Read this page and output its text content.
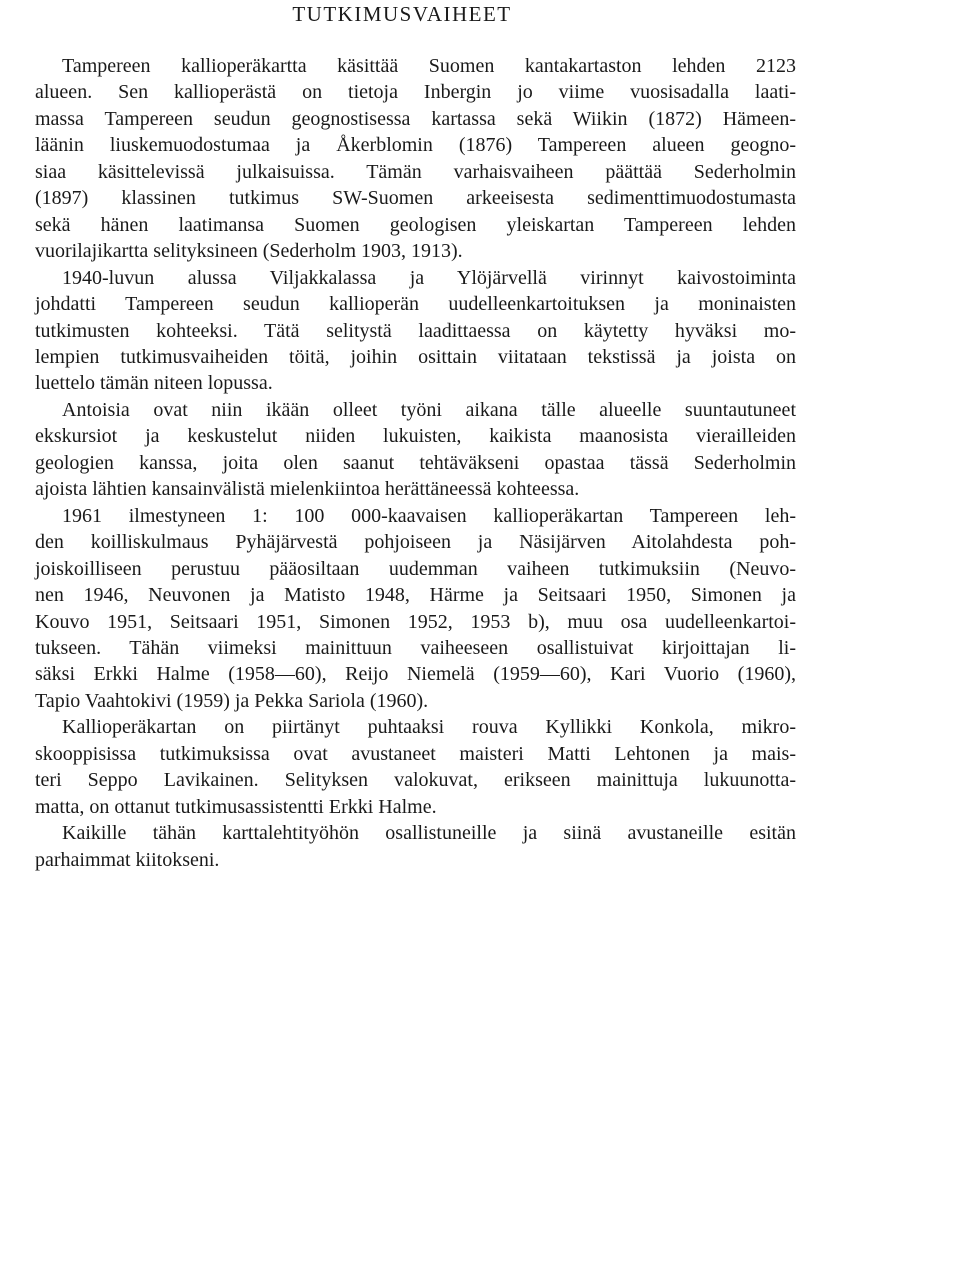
TUTKIMUSVAIHEET

Tampereen kallioperäkartta käsittää Suomen kantakartaston lehden 2123
alueen. Sen kallioperästä on tietoja Inbergin jo viime vuosisadalla laati-
massa Tampereen seudun geognostisessa kartassa sekä Wiikin (1872) Hämeen-
läänin liuskemuodostumaa ja Åkerblomin (1876) Tampereen alueen geogno-
siaa käsittelevissä julkaisuissa. Tämän varhaisvaiheen päättää Sederholmin
(1897) klassinen tutkimus SW-Suomen arkeeisesta sedimenttimuodostumasta
sekä hänen laatimansa Suomen geologisen yleiskartan Tampereen lehden
vuorilajikartta selityksineen (Sederholm 1903, 1913).

1940-luvun alussa Viljakkalassa ja Ylöjärvellä virinnyt kaivostoiminta
johdatti Tampereen seudun kallioperän uudelleenkartoituksen ja moninaisten
tutkimusten kohteeksi. Tätä selitystä laadittaessa on käytetty hyväksi mo-
lempien tutkimusvaiheiden töitä, joihin osittain viitataan tekstissä ja joista on
luettelo tämän niteen lopussa.

Antoisia ovat niin ikään olleet työni aikana tälle alueelle suuntautuneet
ekskursiot ja keskustelut niiden lukuisten, kaikista maanosista vierailleiden
geologien kanssa, joita olen saanut tehtäväkseni opastaa tässä Sederholmin
ajoista lähtien kansainvälistä mielenkiintoa herättäneessä kohteessa.

1961 ilmestyneen 1: 100 000-kaavaisen kallioperäkartan Tampereen leh-
den koilliskulmaus Pyhäjärvestä pohjoiseen ja Näsijärven Aitolahdesta poh-
joiskoilliseen perustuu pääosiltaan uudemman vaiheen tutkimuksiin (Neuvo-
nen 1946, Neuvonen ja Matisto 1948, Härme ja Seitsaari 1950, Simonen ja
Kouvo 1951, Seitsaari 1951, Simonen 1952, 1953 b), muu osa uudelleenkartoi-
tukseen. Tähän viimeksi mainittuun vaiheeseen osallistuivat kirjoittajan li-
säksi Erkki Halme (1958—60), Reijo Niemelä (1959—60), Kari Vuorio (1960),
Tapio Vaahtokivi (1959) ja Pekka Sariola (1960).

Kallioperäkartan on piirtänyt puhtaaksi rouva Kyllikki Konkola, mikro-
skooppisissa tutkimuksissa ovat avustaneet maisteri Matti Lehtonen ja mais-
teri Seppo Lavikainen. Selityksen valokuvat, erikseen mainittuja lukuunotta-
matta, on ottanut tutkimusassistentti Erkki Halme.

Kaikille tähän karttalehtityöhön osallistuneille ja siinä avustaneille esitän
parhaimmat kiitokseni.
